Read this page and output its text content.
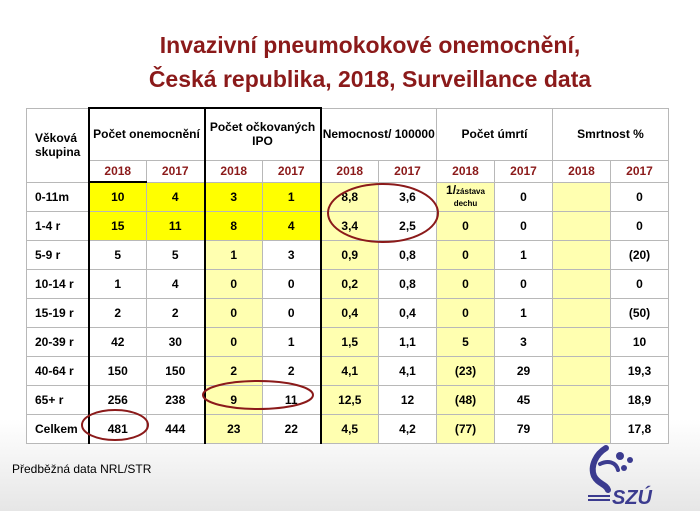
Invazivní pneumokokové onemocnění,
Česká republika, 2018, Surveillance data
Věková skupina	Počet onemocnění		Počet očkovaných IPO		Nemocnost/ 100000		Počet úmrtí		Smrtnost %	
	2018	2017	2018	2017	2018	2017	2018	2017	2018	2017
0-11m	10	4	3	1	8,8	3,6	1/zástava dechu	0		0
1-4 r	15	11	8	4	3,4	2,5	0	0		0
5-9 r	5	5	1	3	0,9	0,8	0	1		(20)
10-14 r	1	4	0	0	0,2	0,8	0	0		0
15-19 r	2	2	0	0	0,4	0,4	0	1		(50)
20-39 r	42	30	0	1	1,5	1,1	5	3		10
40-64 r	150	150	2	2	4,1	4,1	(23)	29		19,3
65+ r	256	238	9	11	12,5	12	(48)	45		18,9
Celkem	481	444	23	22	4,5	4,2	(77)	79		17,8
Předběžná data NRL/STR
SZÚ
